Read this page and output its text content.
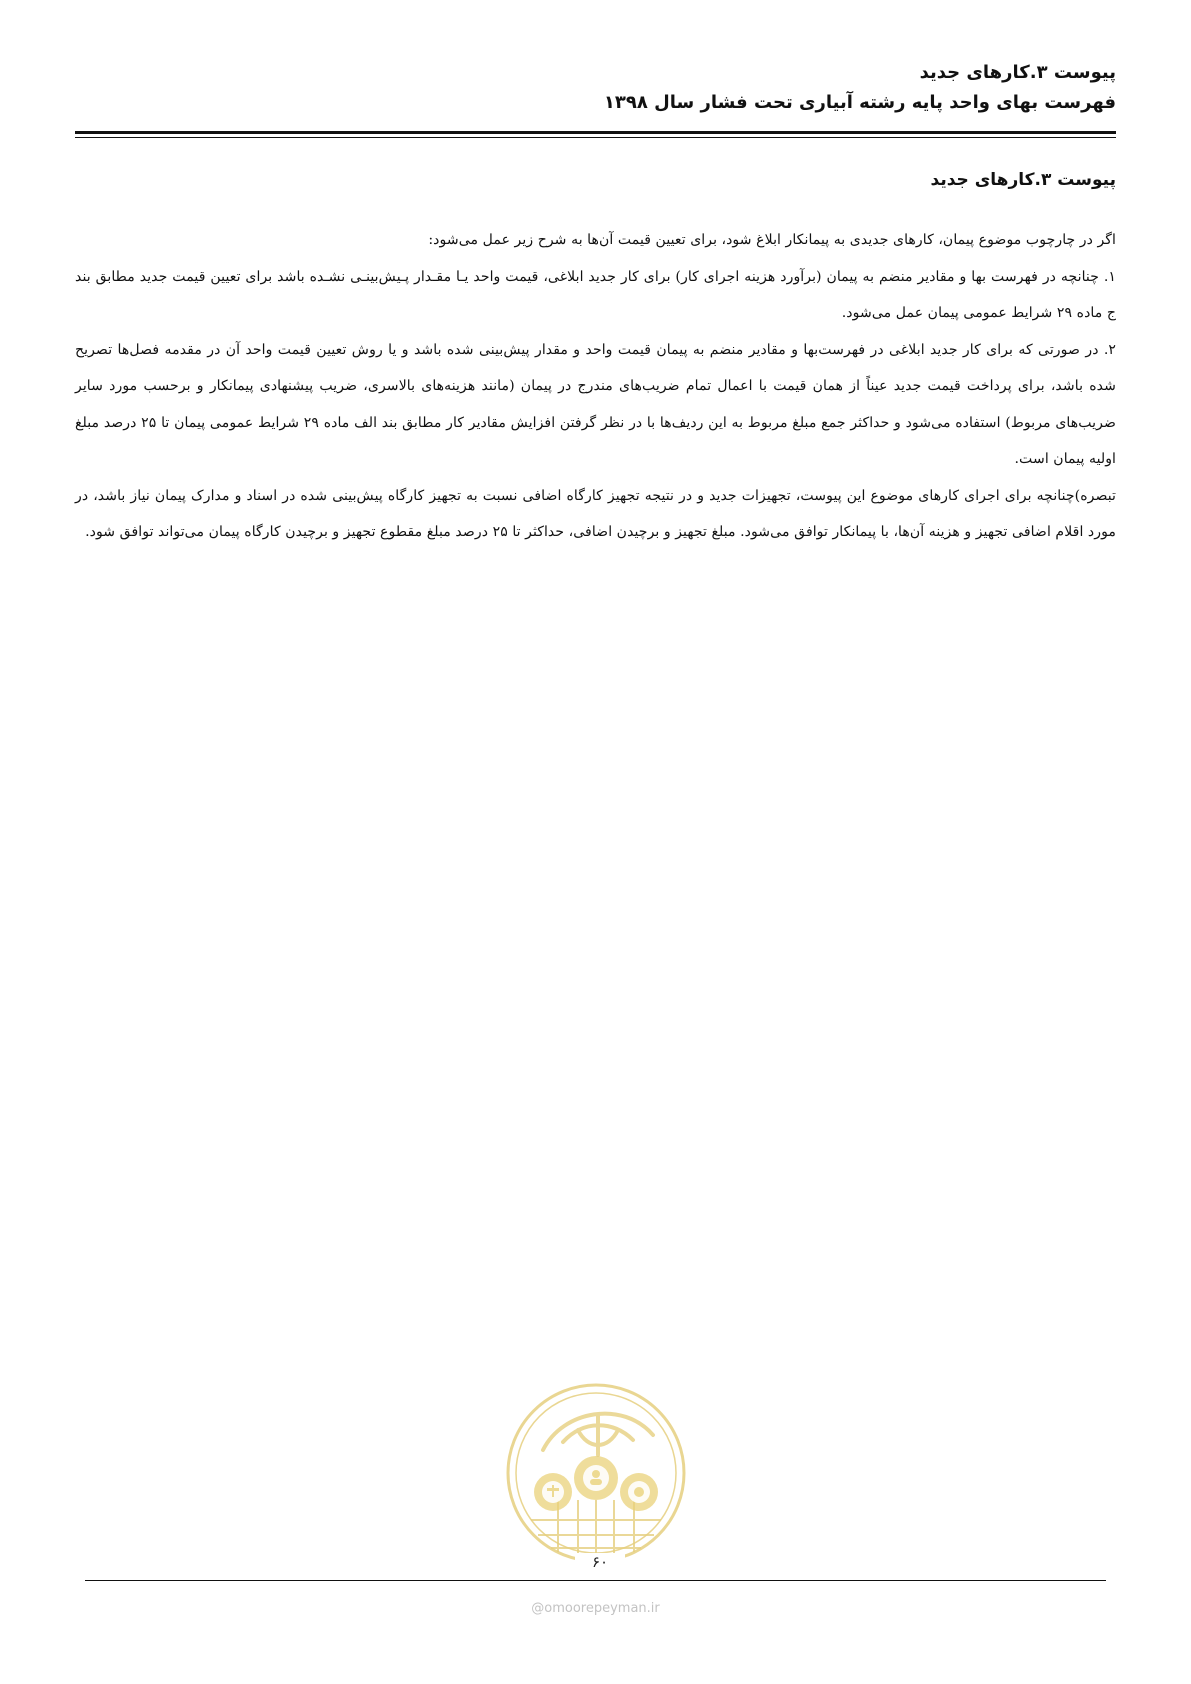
پیوست ۳.کارهای جدید
فهرست بهای واحد پایه رشته آبیاری تحت فشار سال ۱۳۹۸
پیوست ۳.کارهای جدید

اگر در چارچوب موضوع پیمان، کارهای جدیدی به پیمانکار ابلاغ شود، برای تعیین قیمت آن‌ها به شرح زیر عمل می‌شود:

۱. چنانچه در فهرست بها و مقادیر منضم به پیمان (برآورد هزینه اجرای کار) برای کار جدید ابلاغی، قیمت واحد یـا مقـدار پـیش‌بینـی نشـده باشد برای تعیین قیمت جدید مطابق بند ج ماده ۲۹ شرایط عمومی پیمان عمل می‌شود.

۲. در صورتی که برای کار جدید ابلاغی در فهرست‌بها و مقادیر منضم به پیمان قیمت واحد و مقدار پیش‌بینی شده باشد و یا روش تعیین قیمت واحد آن در مقدمه فصل‌ها تصریح شده باشد، برای پرداخت قیمت جدید عیناً از همان قیمت با اعمال تمام ضریب‌های مندرج در پیمان (مانند هزینه‌های بالاسری، ضریب پیشنهادی پیمانکار و برحسب مورد سایر ضریب‌های مربوط) استفاده می‌شود و حداکثر جمع مبلغ مربوط به این ردیف‌ها با در نظر گرفتن افزایش مقادیر کار مطابق بند الف ماده ۲۹ شرایط عمومی پیمان تا ۲۵ درصد مبلغ اولیه پیمان است.

تبصره)چنانچه برای اجرای کارهای موضوع این پیوست، تجهیزات جدید و در نتیجه تجهیز کارگاه اضافی نسبت به تجهیز کارگاه پیش‌بینی شده در اسناد و مدارک پیمان نیاز باشد، در مورد اقلام اضافی تجهیز و هزینه آن‌ها، با پیمانکار توافق می‌شود. مبلغ تجهیز و برچیدن اضافی، حداکثر تا ۲۵ درصد مبلغ مقطوع تجهیز و برچیدن کارگاه پیمان می‌تواند توافق شود.

۶۰
@omoorepeyman.ir
